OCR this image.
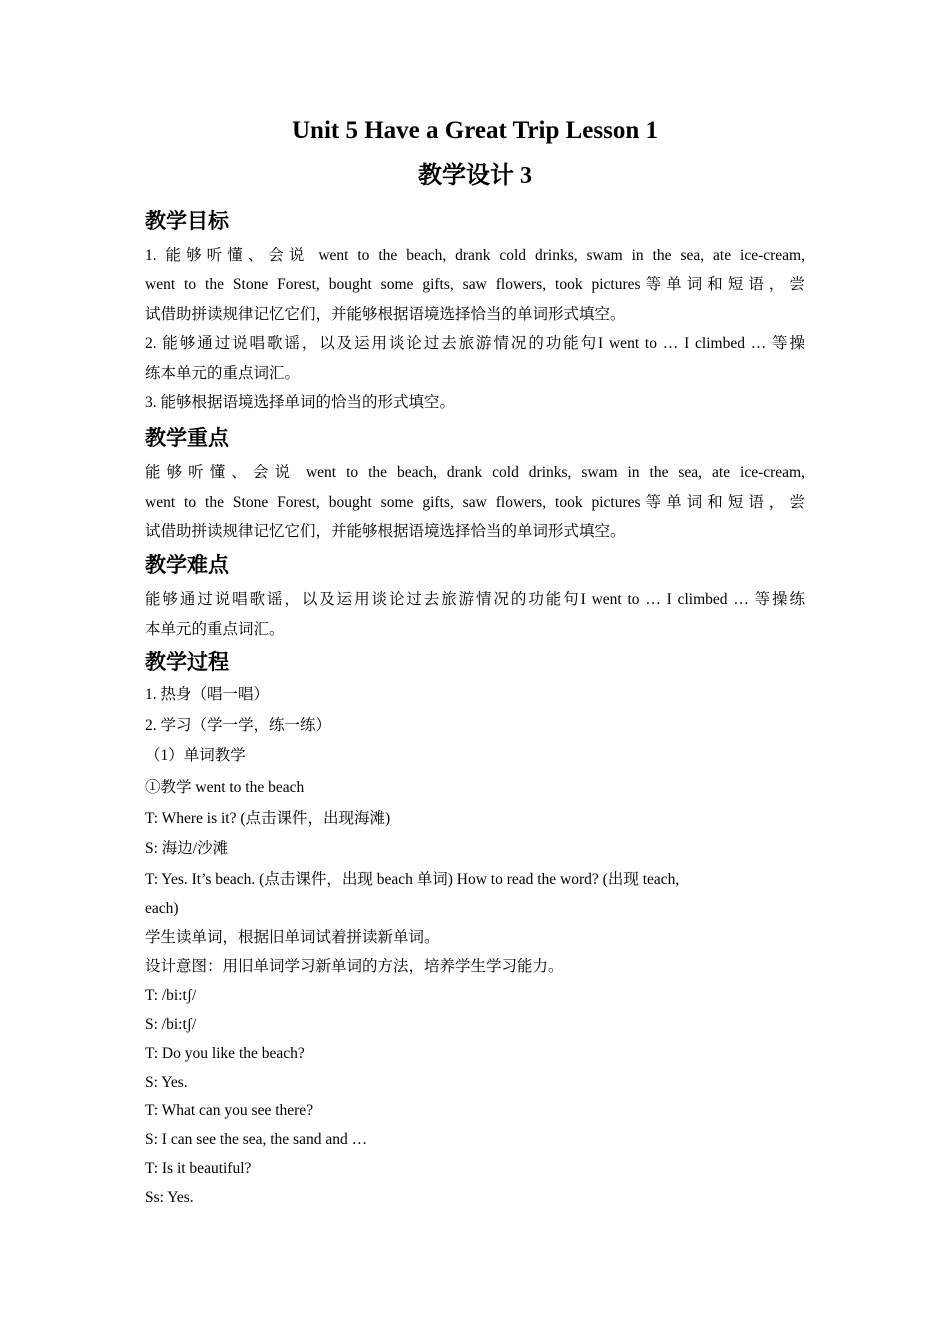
Unit 5 Have a Great Trip Lesson 1
教学设计 3
教学目标
1. 能够听懂、会说 went to the beach, drank cold drinks, swam in the sea, ate ice-cream,
went to the Stone Forest, bought some gifts, saw flowers, took pictures等单词和短语，尝
试借助拼读规律记忆它们，并能够根据语境选择恰当的单词形式填空。
2. 能够通过说唱歌谣，以及运用谈论过去旅游情况的功能句I went to … I climbed … 等操
练本单元的重点词汇。
3. 能够根据语境选择单词的恰当的形式填空。
教学重点
能够听懂、会说 went to the beach, drank cold drinks, swam in the sea, ate ice-cream,
went to the Stone Forest, bought some gifts, saw flowers, took pictures等单词和短语，尝
试借助拼读规律记忆它们，并能够根据语境选择恰当的单词形式填空。
教学难点
能够通过说唱歌谣，以及运用谈论过去旅游情况的功能句I went to … I climbed … 等操练
本单元的重点词汇。
教学过程
1. 热身（唱一唱）
2. 学习（学一学，练一练）
（1）单词教学
①教学 went to the beach
T: Where is it? (点击课件，出现海滩)
S: 海边/沙滩
T: Yes. It’s beach. (点击课件，出现 beach 单词) How to read the word? (出现 teach,
each)
学生读单词，根据旧单词试着拼读新单词。
设计意图：用旧单词学习新单词的方法，培养学生学习能力。
T: /bi:tʃ/
S: /bi:tʃ/
T: Do you like the beach?
S: Yes.
T: What can you see there?
S: I can see the sea, the sand and …
T: Is it beautiful?
Ss: Yes.
